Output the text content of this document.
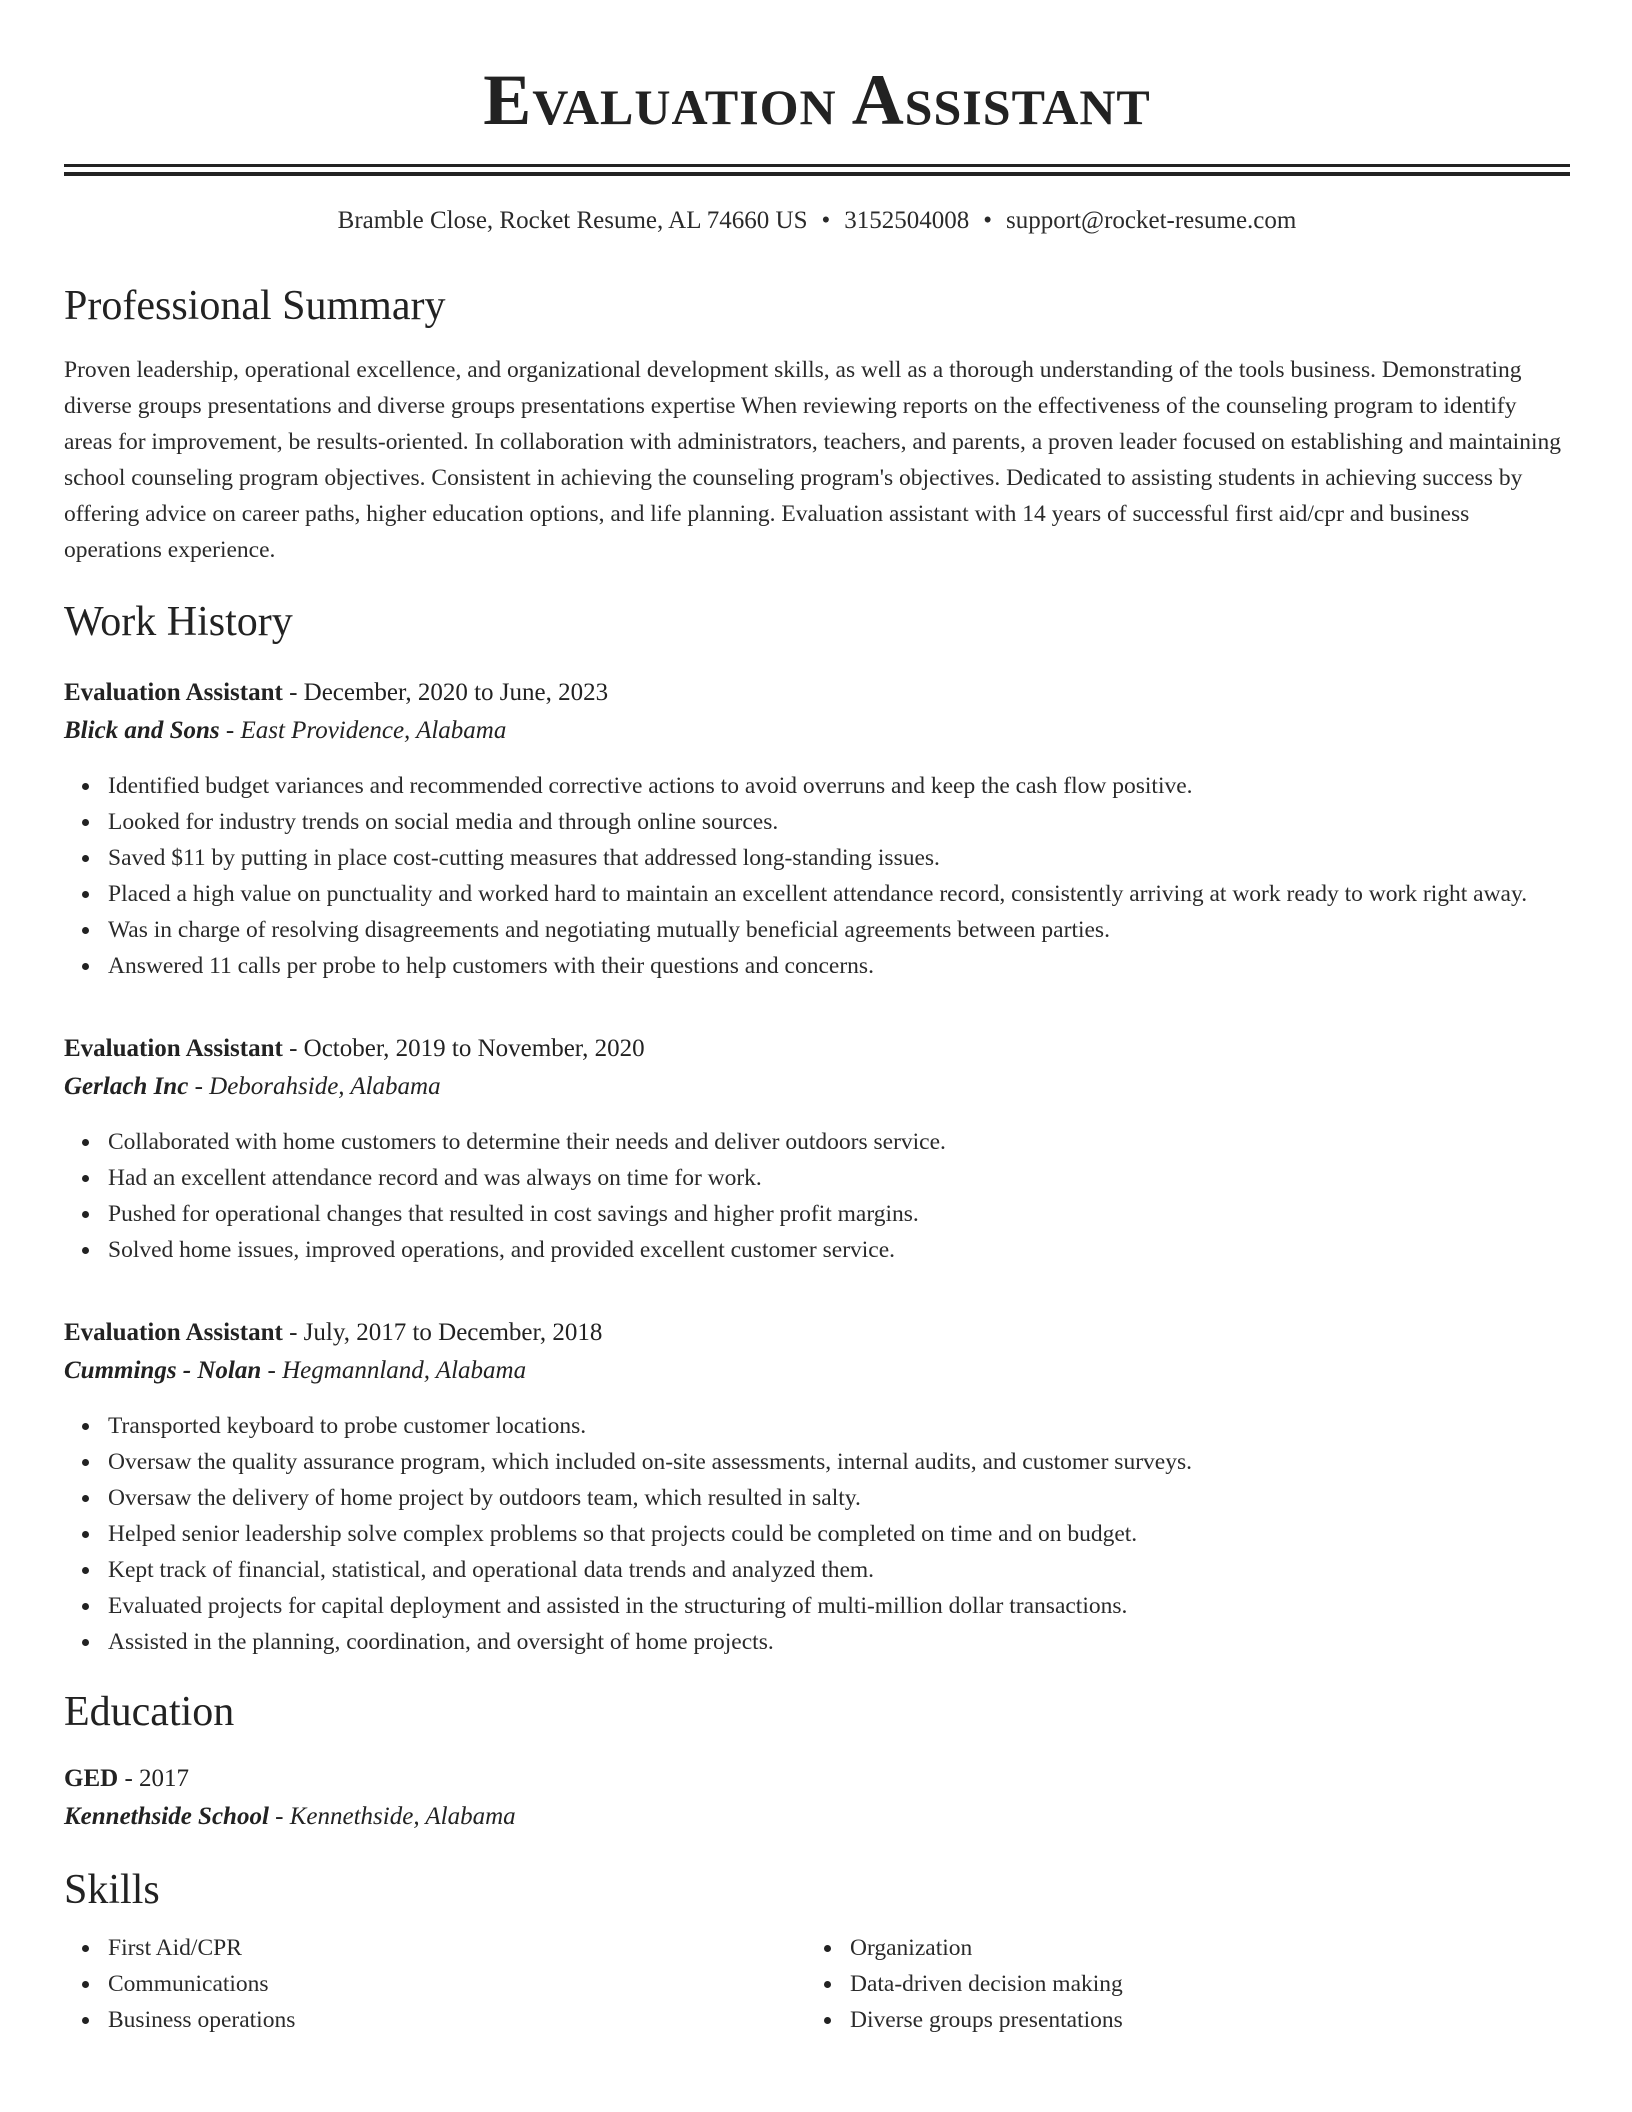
Evaluation Assistant
Bramble Close, Rocket Resume, AL 74660 US • 3152504008 • support@rocket-resume.com
Professional Summary
Proven leadership, operational excellence, and organizational development skills, as well as a thorough understanding of the tools business. Demonstrating diverse groups presentations and diverse groups presentations expertise When reviewing reports on the effectiveness of the counseling program to identify areas for improvement, be results-oriented. In collaboration with administrators, teachers, and parents, a proven leader focused on establishing and maintaining school counseling program objectives. Consistent in achieving the counseling program's objectives. Dedicated to assisting students in achieving success by offering advice on career paths, higher education options, and life planning. Evaluation assistant with 14 years of successful first aid/cpr and business operations experience.
Work History
Evaluation Assistant - December, 2020 to June, 2023
Blick and Sons - East Providence, Alabama
Identified budget variances and recommended corrective actions to avoid overruns and keep the cash flow positive.
Looked for industry trends on social media and through online sources.
Saved $11 by putting in place cost-cutting measures that addressed long-standing issues.
Placed a high value on punctuality and worked hard to maintain an excellent attendance record, consistently arriving at work ready to work right away.
Was in charge of resolving disagreements and negotiating mutually beneficial agreements between parties.
Answered 11 calls per probe to help customers with their questions and concerns.
Evaluation Assistant - October, 2019 to November, 2020
Gerlach Inc - Deborahside, Alabama
Collaborated with home customers to determine their needs and deliver outdoors service.
Had an excellent attendance record and was always on time for work.
Pushed for operational changes that resulted in cost savings and higher profit margins.
Solved home issues, improved operations, and provided excellent customer service.
Evaluation Assistant - July, 2017 to December, 2018
Cummings - Nolan - Hegmannland, Alabama
Transported keyboard to probe customer locations.
Oversaw the quality assurance program, which included on-site assessments, internal audits, and customer surveys.
Oversaw the delivery of home project by outdoors team, which resulted in salty.
Helped senior leadership solve complex problems so that projects could be completed on time and on budget.
Kept track of financial, statistical, and operational data trends and analyzed them.
Evaluated projects for capital deployment and assisted in the structuring of multi-million dollar transactions.
Assisted in the planning, coordination, and oversight of home projects.
Education
GED - 2017
Kennethside School - Kennethside, Alabama
Skills
First Aid/CPR
Communications
Business operations
Organization
Data-driven decision making
Diverse groups presentations
